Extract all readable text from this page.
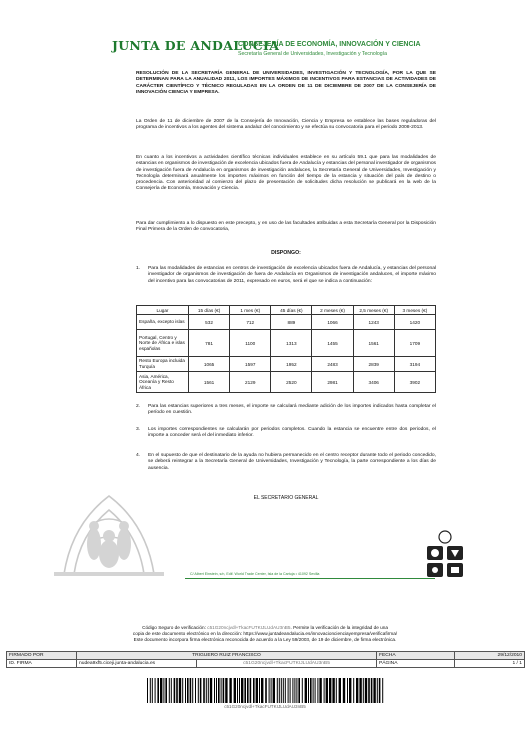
JUNTA DE ANDALUCIA
CONSEJERÍA DE ECONOMÍA, INNOVACIÓN Y CIENCIA
Secretaría General de Universidades, Investigación y Tecnología
RESOLUCIÓN DE LA SECRETARÍA GENERAL DE UNIVERSIDADES, INVESTIGACIÓN Y TECNOLOGÍA, POR LA QUE SE DETERMINAN PARA LA ANUALIDAD 2011, LOS IMPORTES MÁXIMOS DE INCENTIVOS PARA ESTANCIAS DE ACTIVIDADES DE CARÁCTER CIENTÍFICO Y TÉCNICO REGULADAS EN LA ORDEN DE 11 DE DICIEMBRE DE 2007 DE LA CONSEJERÍA DE INNOVACIÓN CIENCIA Y EMPRESA.
La Orden de 11 de diciembre de 2007 de la Consejería de Innovación, Ciencia y Empresa se establece las bases reguladoras del programa de incentivos a los agentes del sistema andaluz del conocimiento y se efectúa su convocatoria para el periodo 2008-2013.
En cuanto a los incentivos a actividades científico técnicas individuales establece en su artículo 59.1 que para las modalidades de estancias en organismos de investigación de excelencia ubicados fuera de Andalucía y estancias del personal investigador de organismos de investigación fuera de Andalucía en organismos de investigación andaluces, la Secretaría General de Universidades, Investigación y Tecnología determinará anualmente los importes máximos en función del tiempo de la estancia y situación del país de destino o procedencia. Con anterioridad al comienzo del plazo de presentación de solicitudes dicha resolución se publicará en la web de la Consejería de Economía, Innovación y Ciencia.
Para dar cumplimiento a lo dispuesto en este precepto, y en uso de las facultades atribuidas a esta Secretaría General por la Disposición Final Primera de la Orden de convocatoria,
DISPONGO:
1. Para las modalidades de estancias en centros de investigación de excelencia ubicados fuera de Andalucía, y estancias del personal investigador de organismos de investigación de fuera de Andalucía en Organismos de investigación andaluces, el importe máximo del incentivo para las convocatorias de 2011, expresado en euros, será el que se indica a continuación:
Lugar	15 días (€)	1 mes (€)	45 días (€)	2 meses (€)	2,5 meses (€)	3 meses (€)
España, excepto islas	532	712	889	1066	1243	1420
Portugal, Centro y Norte de África e islas españolas	781	1100	1313	1455	1561	1709
Resto Europa incluida Turquía	1065	1597	1952	2483	2839	3194
Asia, América, Oceanía y Resto África	1561	2129	2520	2981	3406	3902
2. Para las estancias superiores a tres meses, el importe se calculará mediante adición de los importes indicados hasta completar el período en cuestión.
3. Los importes correspondientes se calcularán por periodos completos. Cuando la estancia se encuentre entre dos periodos, el importe a conceder será el del inmediato inferior.
4. En el supuesto de que el destinatario de la ayuda no hubiera permanecido en el centro receptor durante todo el periodo concedido, se deberá reintegrar a la Secretaría General de Universidades, Investigación y Tecnología, la parte correspondiente a los días de ausencia.
EL SECRETARIO GENERAL
C/ Albert Einstein, s/n, Edif. World Trade Center, Isla de la Cartuja • 41092 Sevilla
Código Seguro de verificación: c51G20ncjvdl+TkacFUTKIJLUdAU3nB5. Permite la verificación de la integridad de una
copia de este documento electrónico en la dirección: https://www.juntadeandalucia.es/innovacioncienciayempresa/verificafirma/
Este documento incorpora firma electrónica reconocida de acuerdo a la Ley 59/2003, de 19 de diciembre, de firma electrónica.
FIRMADO POR	TRIGUERO RUIZ FRANCISCO		FECHA	29/12/2010
ID. FIRMA	nudea9xf5.ciceji.junta-andalucia.es	c51G20ncjvdl+TkacFUTKIJLUdAU3nB5	PÁGINA	1 / 1
c51G20ncjvdl+TkacFUTKIJLUdAU3nB5
